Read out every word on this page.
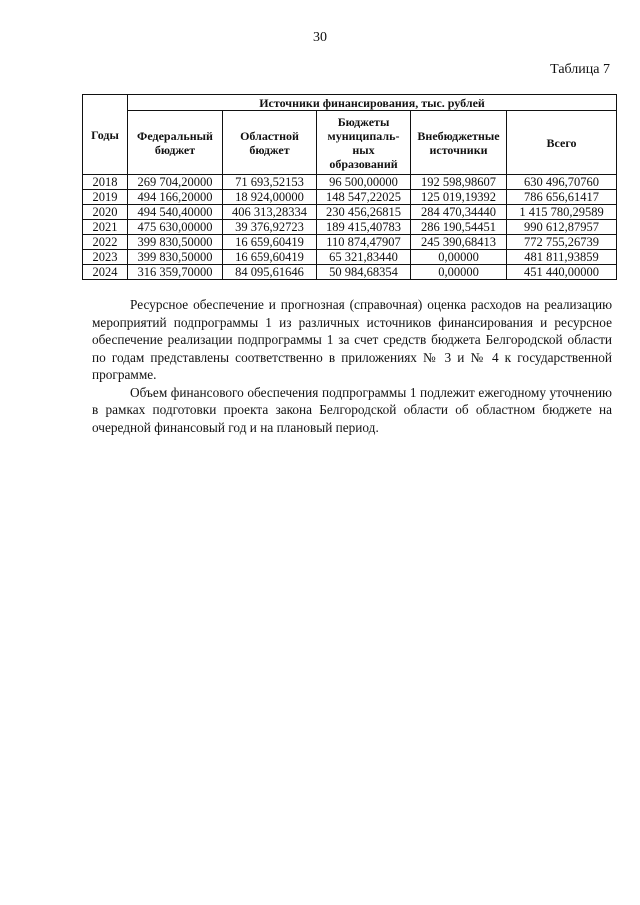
30
Таблица 7
Годы	Источники финансирования, тыс. рублей				
	Федеральный бюджет	Областной бюджет	Бюджеты муниципаль- ных образований	Внебюджетные источники	Всего
2018	269 704,20000	71 693,52153	96 500,00000	192 598,98607	630 496,70760
2019	494 166,20000	18 924,00000	148 547,22025	125 019,19392	786 656,61417
2020	494 540,40000	406 313,28334	230 456,26815	284 470,34440	1 415 780,29589
2021	475 630,00000	39 376,92723	189 415,40783	286 190,54451	990 612,87957
2022	399 830,50000	16 659,60419	110 874,47907	245 390,68413	772 755,26739
2023	399 830,50000	16 659,60419	65 321,83440	0,00000	481 811,93859
2024	316 359,70000	84 095,61646	50 984,68354	0,00000	451 440,00000

Ресурсное обеспечение и прогнозная (справочная) оценка расходов на реализацию мероприятий подпрограммы 1 из различных источников финансирования и ресурсное обеспечение реализации подпрограммы 1 за счет средств бюджета Белгородской области по годам представлены соответственно в приложениях № 3 и № 4 к государственной программе.

Объем финансового обеспечения подпрограммы 1 подлежит ежегодному уточнению в рамках подготовки проекта закона Белгородской области об областном бюджете на очередной финансовый год и на плановый период.
